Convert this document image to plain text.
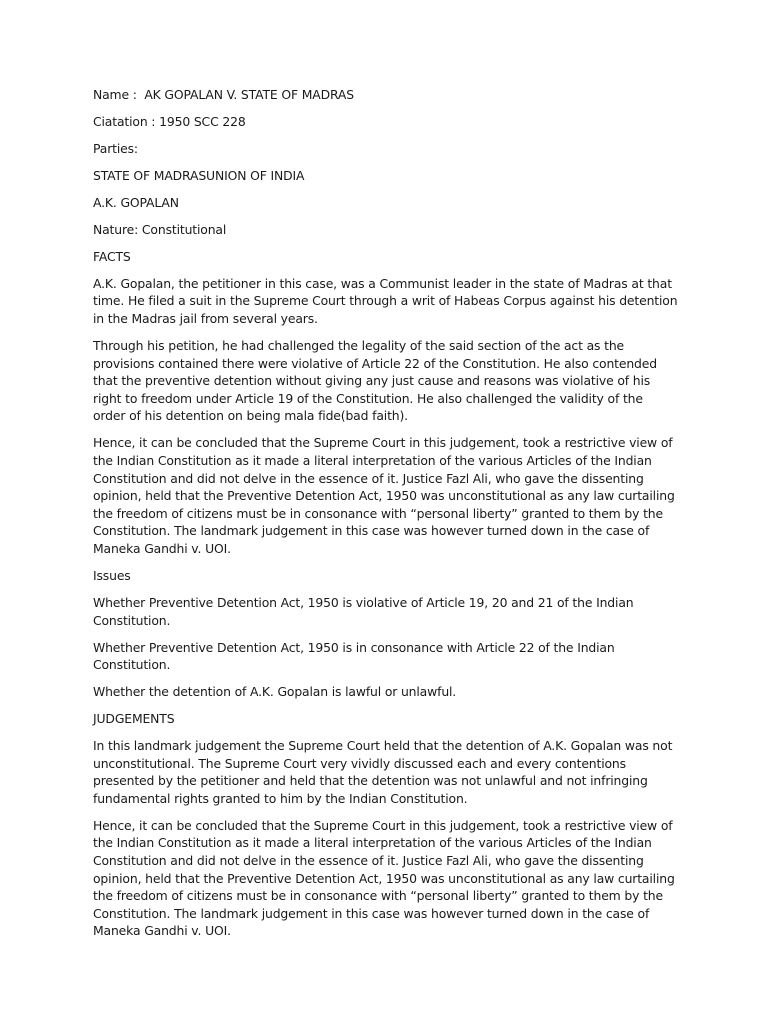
Name :  AK GOPALAN V. STATE OF MADRAS

Ciatation : 1950 SCC 228

Parties:

STATE OF MADRASUNION OF INDIA

A.K. GOPALAN

Nature: Constitutional

FACTS

A.K. Gopalan, the petitioner in this case, was a Communist leader in the state of Madras at that time. He filed a suit in the Supreme Court through a writ of Habeas Corpus against his detention in the Madras jail from several years.

Through his petition, he had challenged the legality of the said section of the act as the provisions contained there were violative of Article 22 of the Constitution. He also contended that the preventive detention without giving any just cause and reasons was violative of his right to freedom under Article 19 of the Constitution. He also challenged the validity of the order of his detention on being mala fide(bad faith).

Hence, it can be concluded that the Supreme Court in this judgement, took a restrictive view of the Indian Constitution as it made a literal interpretation of the various Articles of the Indian Constitution and did not delve in the essence of it. Justice Fazl Ali, who gave the dissenting opinion, held that the Preventive Detention Act, 1950 was unconstitutional as any law curtailing the freedom of citizens must be in consonance with “personal liberty” granted to them by the Constitution. The landmark judgement in this case was however turned down in the case of Maneka Gandhi v. UOI.

Issues

Whether Preventive Detention Act, 1950 is violative of Article 19, 20 and 21 of the Indian Constitution.

Whether Preventive Detention Act, 1950 is in consonance with Article 22 of the Indian Constitution.

Whether the detention of A.K. Gopalan is lawful or unlawful.

JUDGEMENTS

In this landmark judgement the Supreme Court held that the detention of A.K. Gopalan was not unconstitutional. The Supreme Court very vividly discussed each and every contentions presented by the petitioner and held that the detention was not unlawful and not infringing fundamental rights granted to him by the Indian Constitution.

Hence, it can be concluded that the Supreme Court in this judgement, took a restrictive view of the Indian Constitution as it made a literal interpretation of the various Articles of the Indian Constitution and did not delve in the essence of it. Justice Fazl Ali, who gave the dissenting opinion, held that the Preventive Detention Act, 1950 was unconstitutional as any law curtailing the freedom of citizens must be in consonance with “personal liberty” granted to them by the Constitution. The landmark judgement in this case was however turned down in the case of Maneka Gandhi v. UOI.
